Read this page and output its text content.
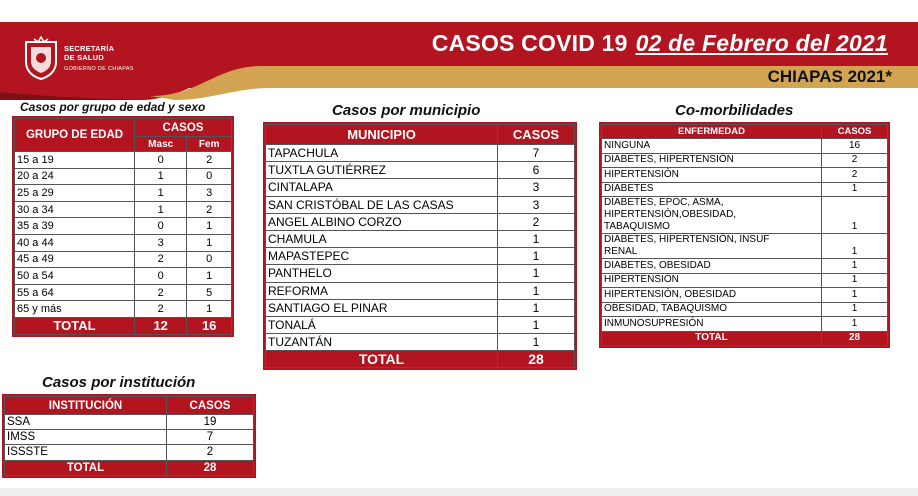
SECRETARÍA
DE SALUD
GOBIERNO DE CHIAPAS
CASOS COVID 19 02 de Febrero del 2021
CHIAPAS 2021*
Casos por grupo de edad y sexo
GRUPO DE EDAD	CASOS	
	Masc	Fem
15 a 19	0	2
20 a 24	1	0
25 a 29	1	3
30 a 34	1	2
35 a 39	0	1
40 a 44	3	1
45 a 49	2	0
50 a 54	0	1
55 a 64	2	5
65 y más	2	1
TOTAL	12	16
Casos por municipio
MUNICIPIO	CASOS
TAPACHULA	7
TUXTLA GUTIÉRREZ	6
CINTALAPA	3
SAN CRISTÓBAL DE LAS CASAS	3
ANGEL ALBINO CORZO	2
CHAMULA	1
MAPASTEPEC	1
PANTHELO	1
REFORMA	1
SANTIAGO EL PINAR	1
TONALÁ	1
TUZANTÁN	1
TOTAL	28
Co-morbilidades
ENFERMEDAD	CASOS

NINGUNA	16

DIABETES, HIPERTENSIÓN	2

HIPERTENSIÓN	2

DIABETES	1

DIABETES, EPOC, ASMA,
HIPERTENSIÓN,OBESIDAD,
TABAQUISMO	1

DIABETES, HIPERTENSIÓN, INSUF
RENAL	1

DIABETES, OBESIDAD	1

HIPERTENSIÓN	1

HIPERTENSIÓN, OBESIDAD	1

OBESIDAD, TABAQUISMO	1

INMUNOSUPRESIÓN	1
TOTAL	28
Casos por institución
INSTITUCIÓN	CASOS
SSA	19
IMSS	7
ISSSTE	2
TOTAL	28
